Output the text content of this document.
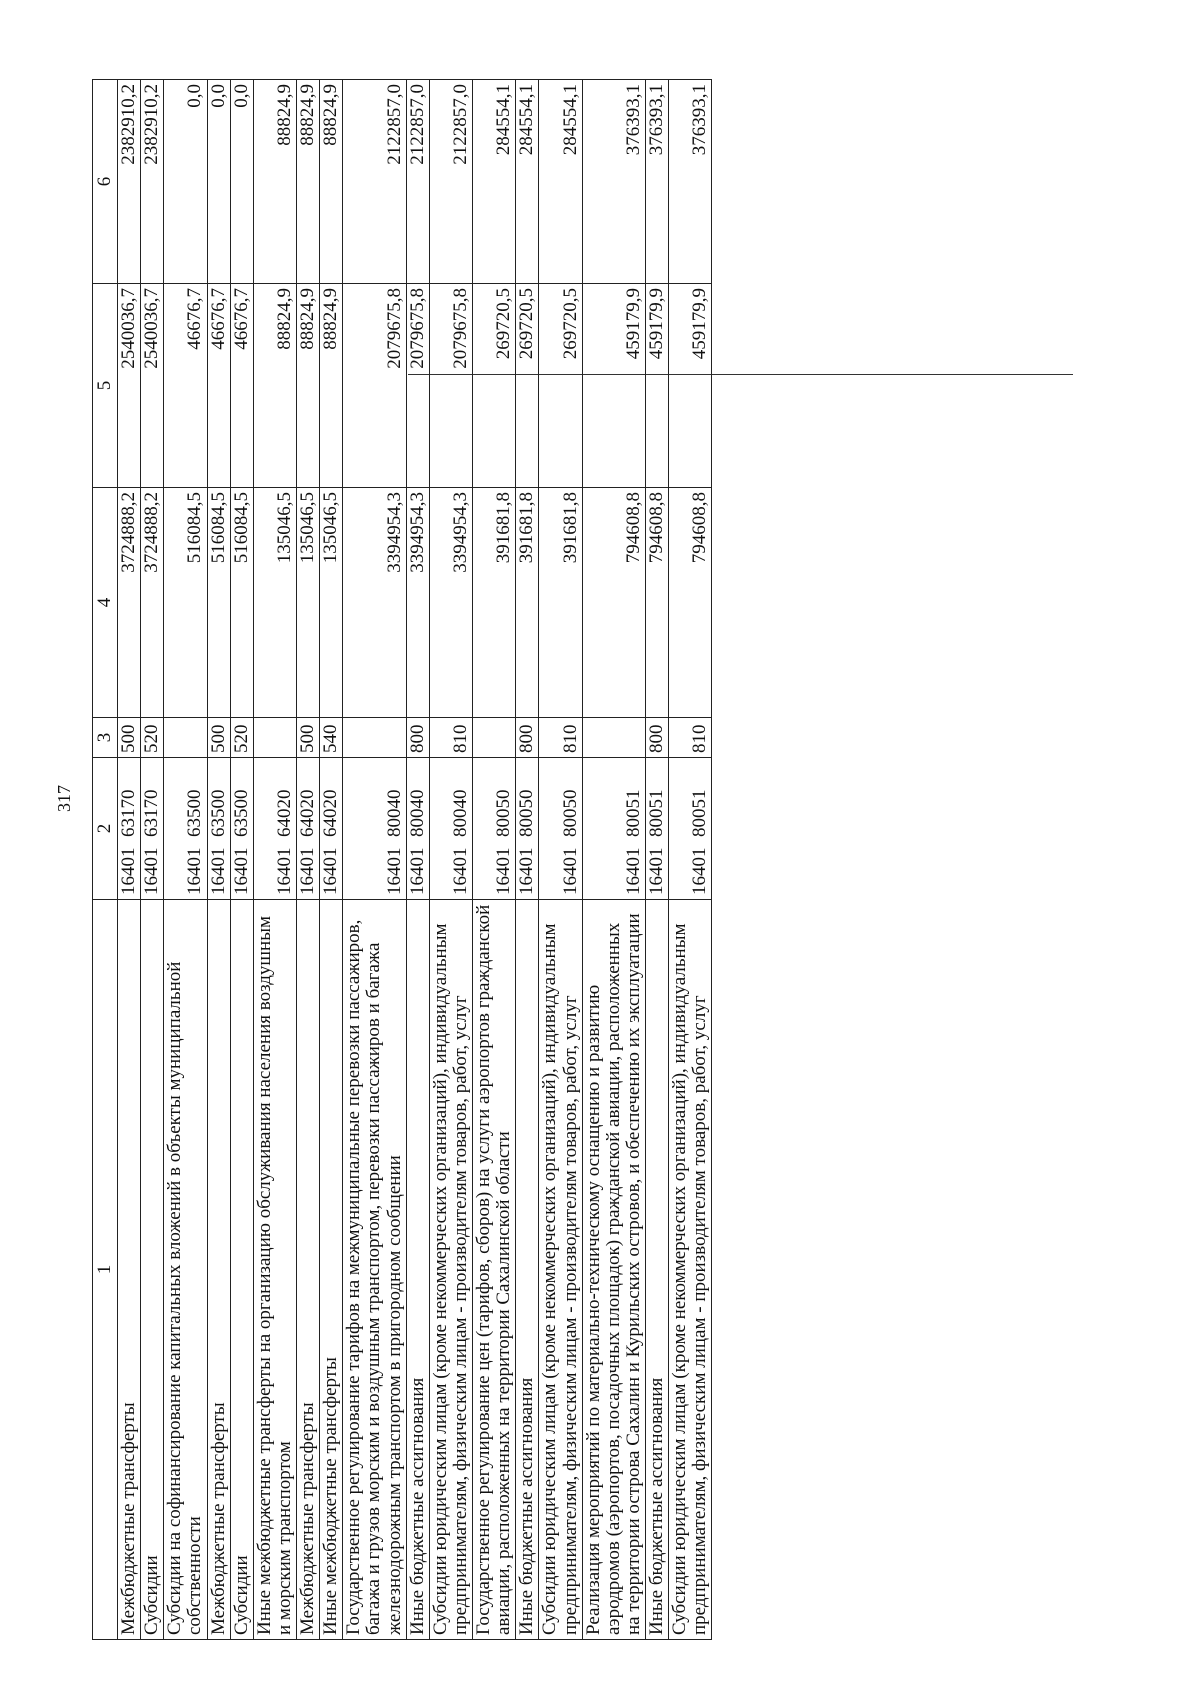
317
1	2	3	4	5	6
Межбюджетные трансферты	1640163170	500	3724888,2	2540036,7	2382910,2
Субсидии	1640163170	520	3724888,2	2540036,7	2382910,2
Субсидии на софинансирование капитальных вложений в объекты муниципальной собственности	1640163500		516084,5	46676,7	0,0
Межбюджетные трансферты	1640163500	500	516084,5	46676,7	0,0
Субсидии	1640163500	520	516084,5	46676,7	0,0
Иные межбюджетные трансферты на организацию обслуживания населения воздушным и морским транспортом	1640164020		135046,5	88824,9	88824,9
Межбюджетные трансферты	1640164020	500	135046,5	88824,9	88824,9
Иные межбюджетные трансферты	1640164020	540	135046,5	88824,9	88824,9
Государственное регулирование тарифов на межмуниципальные перевозки пассажиров, багажа и грузов морским и воздушным транспортом, перевозки пассажиров и багажа железнодорожным транспортом в пригородном сообщении	1640180040		3394954,3	2079675,8	2122857,0
Иные бюджетные ассигнования	1640180040	800	3394954,3	2079675,8	2122857,0
Субсидии юридическим лицам (кроме некоммерческих организаций), индивидуальным предпринимателям, физическим лицам - производителям товаров, работ, услуг	1640180040	810	3394954,3	2079675,8	2122857,0
Государственное регулирование цен (тарифов, сборов) на услуги аэропортов гражданской авиации, расположенных на территории Сахалинской области	1640180050		391681,8	269720,5	284554,1
Иные бюджетные ассигнования	1640180050	800	391681,8	269720,5	284554,1
Субсидии юридическим лицам (кроме некоммерческих организаций), индивидуальным предпринимателям, физическим лицам - производителям товаров, работ, услуг	1640180050	810	391681,8	269720,5	284554,1
Реализация мероприятий по материально-техническому оснащению и развитию аэродромов (аэропортов, посадочных площадок) гражданской авиации, расположенных на территории острова Сахалин и Курильских островов, и обеспечению их эксплуатации	1640180051		794608,8	459179,9	376393,1
Иные бюджетные ассигнования	1640180051	800	794608,8	459179,9	376393,1
Субсидии юридическим лицам (кроме некоммерческих организаций), индивидуальным предпринимателям, физическим лицам - производителям товаров, работ, услуг	1640180051	810	794608,8	459179,9	376393,1
